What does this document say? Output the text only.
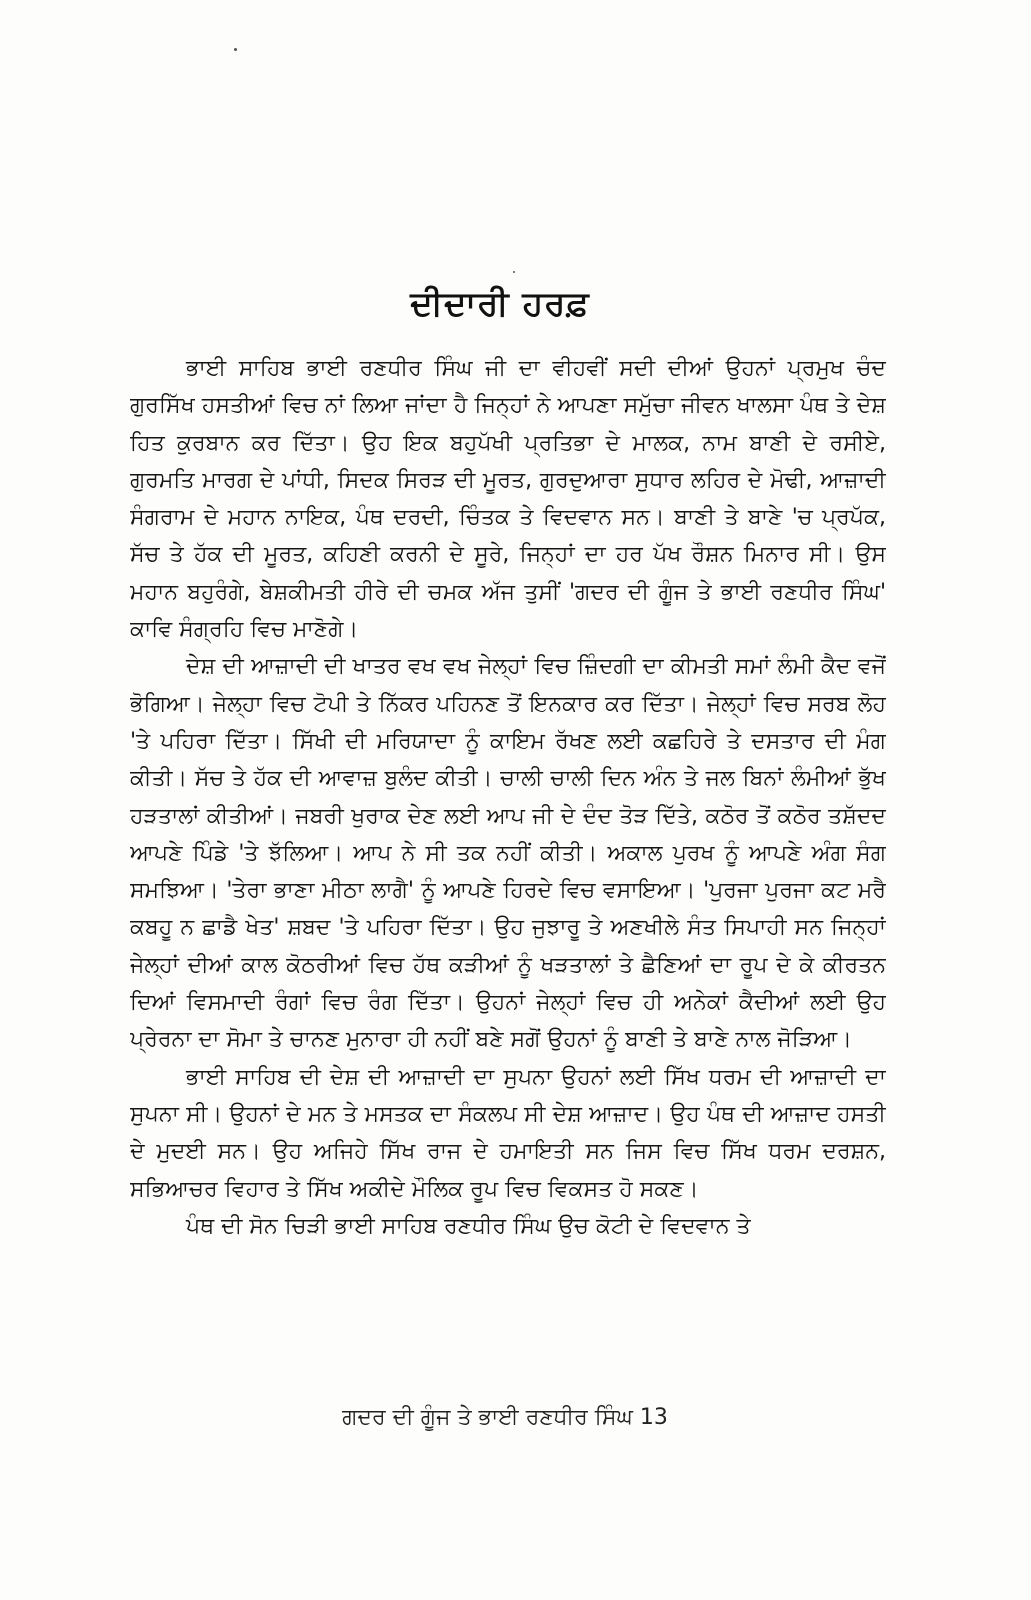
ਦੀਦਾਰੀ ਹਰਫ਼

ਭਾਈ ਸਾਹਿਬ ਭਾਈ ਰਣਧੀਰ ਸਿੰਘ ਜੀ ਦਾ ਵੀਹਵੀਂ ਸਦੀ ਦੀਆਂ ਉਹਨਾਂ ਪ੍ਰਮੁਖ ਚੰਦ ਗੁਰਸਿੱਖ ਹਸਤੀਆਂ ਵਿਚ ਨਾਂ ਲਿਆ ਜਾਂਦਾ ਹੈ ਜਿਨ੍ਹਾਂ ਨੇ ਆਪਣਾ ਸਮੁੱਚਾ ਜੀਵਨ ਖਾਲਸਾ ਪੰਥ ਤੇ ਦੇਸ਼ ਹਿਤ ਕੁਰਬਾਨ ਕਰ ਦਿੱਤਾ। ਉਹ ਇਕ ਬਹੁਪੱਖੀ ਪ੍ਰਤਿਭਾ ਦੇ ਮਾਲਕ, ਨਾਮ ਬਾਣੀ ਦੇ ਰਸੀਏ, ਗੁਰਮਤਿ ਮਾਰਗ ਦੇ ਪਾਂਧੀ, ਸਿਦਕ ਸਿਰੜ ਦੀ ਮੂਰਤ, ਗੁਰਦੁਆਰਾ ਸੁਧਾਰ ਲਹਿਰ ਦੇ ਮੋਢੀ, ਆਜ਼ਾਦੀ ਸੰਗਰਾਮ ਦੇ ਮਹਾਨ ਨਾਇਕ, ਪੰਥ ਦਰਦੀ, ਚਿੰਤਕ ਤੇ ਵਿਦਵਾਨ ਸਨ। ਬਾਣੀ ਤੇ ਬਾਣੇ 'ਚ ਪ੍ਰਪੱਕ, ਸੱਚ ਤੇ ਹੱਕ ਦੀ ਮੂਰਤ, ਕਹਿਣੀ ਕਰਨੀ ਦੇ ਸੂਰੇ, ਜਿਨ੍ਹਾਂ ਦਾ ਹਰ ਪੱਖ ਰੌਸ਼ਨ ਮਿਨਾਰ ਸੀ। ਉਸ ਮਹਾਨ ਬਹੁਰੰਗੇ, ਬੇਸ਼ਕੀਮਤੀ ਹੀਰੇ ਦੀ ਚਮਕ ਅੱਜ ਤੁਸੀਂ 'ਗਦਰ ਦੀ ਗੂੰਜ ਤੇ ਭਾਈ ਰਣਧੀਰ ਸਿੰਘ' ਕਾਵਿ ਸੰਗ੍ਰਹਿ ਵਿਚ ਮਾਣੋਗੇ।

ਦੇਸ਼ ਦੀ ਆਜ਼ਾਦੀ ਦੀ ਖਾਤਰ ਵਖ ਵਖ ਜੇਲ੍ਹਾਂ ਵਿਚ ਜ਼ਿੰਦਗੀ ਦਾ ਕੀਮਤੀ ਸਮਾਂ ਲੰਮੀ ਕੈਦ ਵਜੋਂ ਭੋਗਿਆ। ਜੇਲ੍ਹਾ ਵਿਚ ਟੋਪੀ ਤੇ ਨਿੱਕਰ ਪਹਿਨਣ ਤੋਂ ਇਨਕਾਰ ਕਰ ਦਿੱਤਾ। ਜੇਲ੍ਹਾਂ ਵਿਚ ਸਰਬ ਲੋਹ 'ਤੇ ਪਹਿਰਾ ਦਿੱਤਾ। ਸਿੱਖੀ ਦੀ ਮਰਿਯਾਦਾ ਨੂੰ ਕਾਇਮ ਰੱਖਣ ਲਈ ਕਛਹਿਰੇ ਤੇ ਦਸਤਾਰ ਦੀ ਮੰਗ ਕੀਤੀ। ਸੱਚ ਤੇ ਹੱਕ ਦੀ ਆਵਾਜ਼ ਬੁਲੰਦ ਕੀਤੀ। ਚਾਲੀ ਚਾਲੀ ਦਿਨ ਅੰਨ ਤੇ ਜਲ ਬਿਨਾਂ ਲੰਮੀਆਂ ਭੁੱਖ ਹੜਤਾਲਾਂ ਕੀਤੀਆਂ। ਜਬਰੀ ਖੁਰਾਕ ਦੇਣ ਲਈ ਆਪ ਜੀ ਦੇ ਦੰਦ ਤੋੜ ਦਿੱਤੇ, ਕਠੋਰ ਤੋਂ ਕਠੋਰ ਤਸ਼ੱਦਦ ਆਪਣੇ ਪਿੰਡੇ 'ਤੇ ਝੱਲਿਆ। ਆਪ ਨੇ ਸੀ ਤਕ ਨਹੀਂ ਕੀਤੀ। ਅਕਾਲ ਪੁਰਖ ਨੂੰ ਆਪਣੇ ਅੰਗ ਸੰਗ ਸਮਝਿਆ। 'ਤੇਰਾ ਭਾਣਾ ਮੀਠਾ ਲਾਗੈ' ਨੂੰ ਆਪਣੇ ਹਿਰਦੇ ਵਿਚ ਵਸਾਇਆ। 'ਪੁਰਜਾ ਪੁਰਜਾ ਕਟ ਮਰੈ ਕਬਹੂ ਨ ਛਾਡੈ ਖੇਤ' ਸ਼ਬਦ 'ਤੇ ਪਹਿਰਾ ਦਿੱਤਾ। ਉਹ ਜੁਝਾਰੂ ਤੇ ਅਣਖੀਲੇ ਸੰਤ ਸਿਪਾਹੀ ਸਨ ਜਿਨ੍ਹਾਂ ਜੇਲ੍ਹਾਂ ਦੀਆਂ ਕਾਲ ਕੋਠਰੀਆਂ ਵਿਚ ਹੱਥ ਕੜੀਆਂ ਨੂੰ ਖੜਤਾਲਾਂ ਤੇ ਛੈਣਿਆਂ ਦਾ ਰੂਪ ਦੇ ਕੇ ਕੀਰਤਨ ਦਿਆਂ ਵਿਸਮਾਦੀ ਰੰਗਾਂ ਵਿਚ ਰੰਗ ਦਿੱਤਾ। ਉਹਨਾਂ ਜੇਲ੍ਹਾਂ ਵਿਚ ਹੀ ਅਨੇਕਾਂ ਕੈਦੀਆਂ ਲਈ ਉਹ ਪ੍ਰੇਰਨਾ ਦਾ ਸੋਮਾ ਤੇ ਚਾਨਣ ਮੁਨਾਰਾ ਹੀ ਨਹੀਂ ਬਣੇ ਸਗੋਂ ਉਹਨਾਂ ਨੂੰ ਬਾਣੀ ਤੇ ਬਾਣੇ ਨਾਲ ਜੋੜਿਆ।

ਭਾਈ ਸਾਹਿਬ ਦੀ ਦੇਸ਼ ਦੀ ਆਜ਼ਾਦੀ ਦਾ ਸੁਪਨਾ ਉਹਨਾਂ ਲਈ ਸਿੱਖ ਧਰਮ ਦੀ ਆਜ਼ਾਦੀ ਦਾ ਸੁਪਨਾ ਸੀ। ਉਹਨਾਂ ਦੇ ਮਨ ਤੇ ਮਸਤਕ ਦਾ ਸੰਕਲਪ ਸੀ ਦੇਸ਼ ਆਜ਼ਾਦ। ਉਹ ਪੰਥ ਦੀ ਆਜ਼ਾਦ ਹਸਤੀ ਦੇ ਮੁਦਈ ਸਨ। ਉਹ ਅਜਿਹੇ ਸਿੱਖ ਰਾਜ ਦੇ ਹਮਾਇਤੀ ਸਨ ਜਿਸ ਵਿਚ ਸਿੱਖ ਧਰਮ ਦਰਸ਼ਨ, ਸਭਿਆਚਰ ਵਿਹਾਰ ਤੇ ਸਿੱਖ ਅਕੀਦੇ ਮੌਲਿਕ ਰੂਪ ਵਿਚ ਵਿਕਸਤ ਹੋ ਸਕਣ।

ਪੰਥ ਦੀ ਸੋਨ ਚਿੜੀ ਭਾਈ ਸਾਹਿਬ ਰਣਧੀਰ ਸਿੰਘ ਉਚ ਕੋਟੀ ਦੇ ਵਿਦਵਾਨ ਤੇ

ਗਦਰ ਦੀ ਗੂੰਜ ਤੇ ਭਾਈ ਰਣਧੀਰ ਸਿੰਘ 13
